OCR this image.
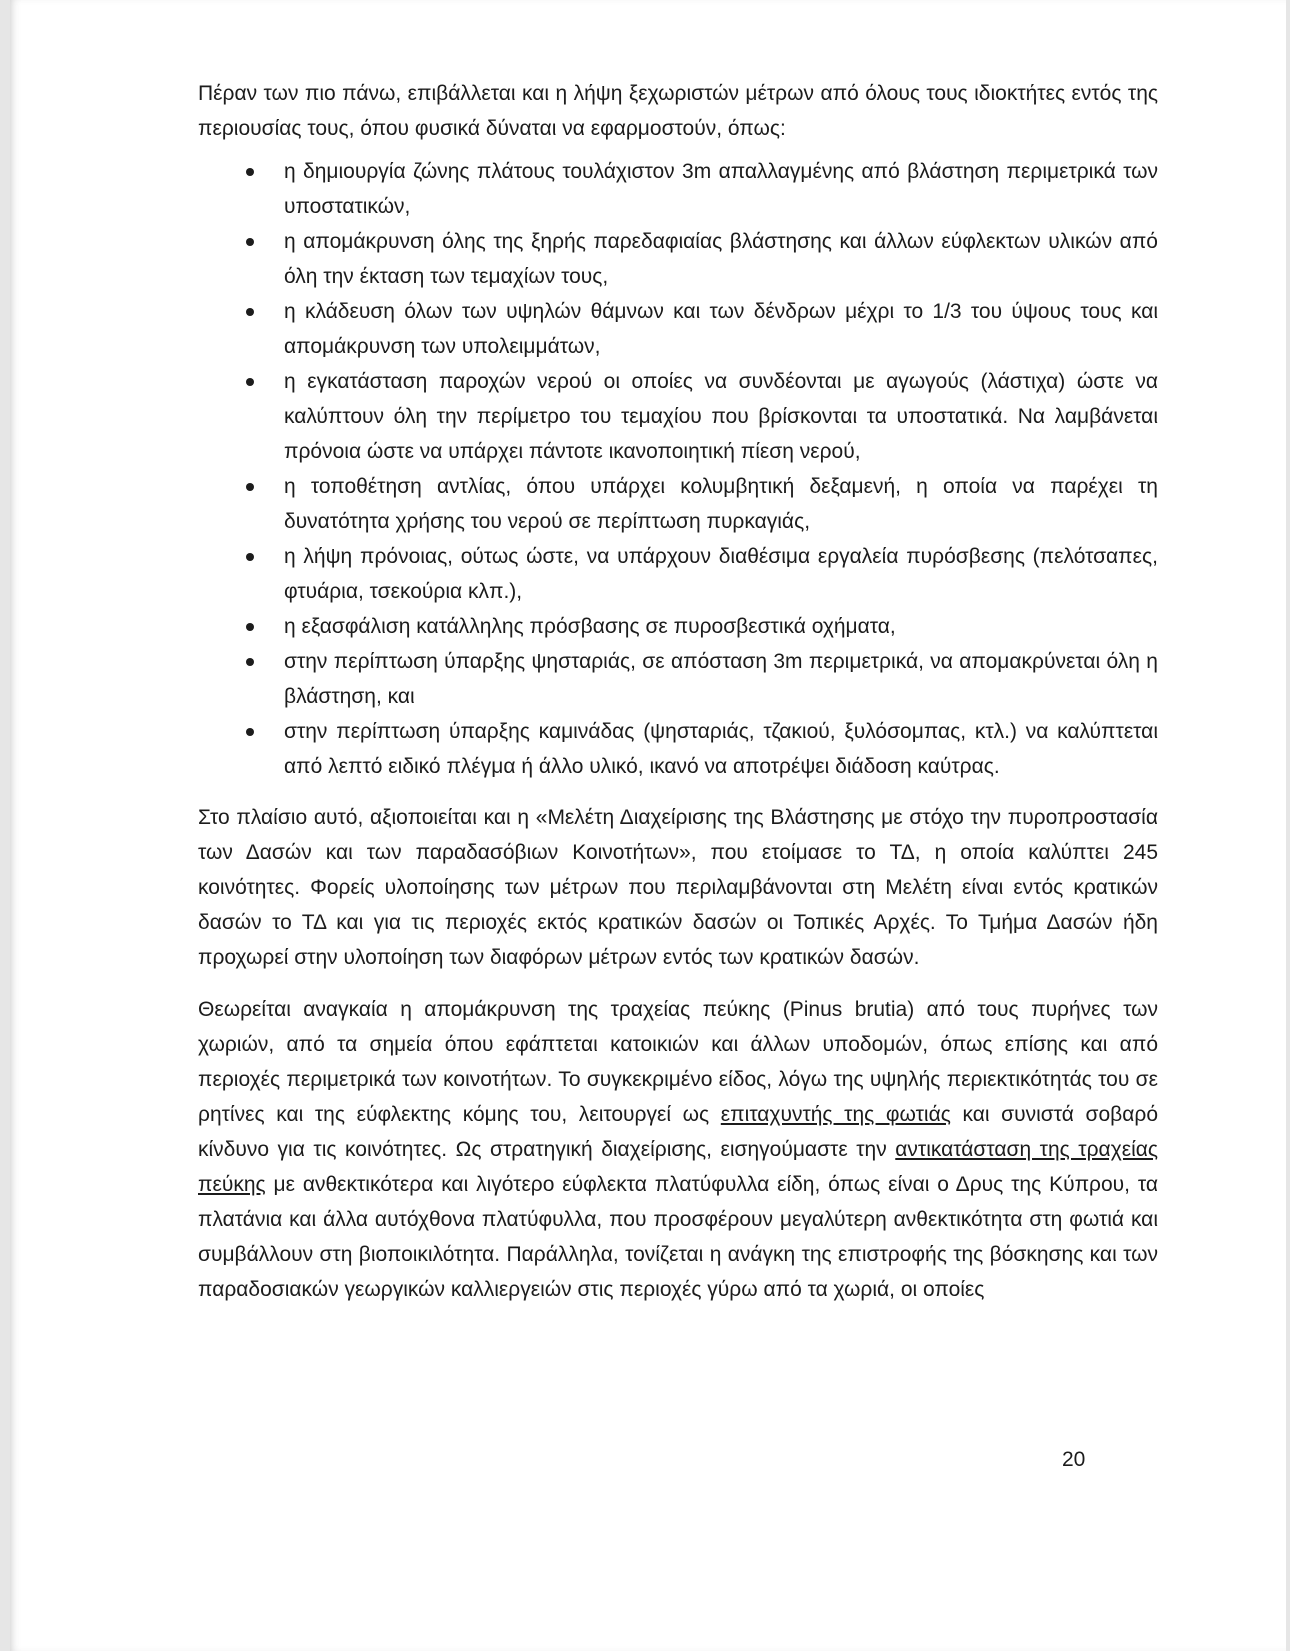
Πέραν των πιο πάνω, επιβάλλεται και η λήψη ξεχωριστών μέτρων από όλους τους ιδιοκτήτες εντός της περιουσίας τους, όπου φυσικά δύναται να εφαρμοστούν, όπως:

η δημιουργία ζώνης πλάτους τουλάχιστον 3m απαλλαγμένης από βλάστηση περιμετρικά των υποστατικών,
η απομάκρυνση όλης της ξηρής παρεδαφιαίας βλάστησης και άλλων εύφλεκτων υλικών από όλη την έκταση των τεμαχίων τους,
η κλάδευση όλων των υψηλών θάμνων και των δένδρων μέχρι το 1/3 του ύψους τους και απομάκρυνση των υπολειμμάτων,
η εγκατάσταση παροχών νερού οι οποίες να συνδέονται με αγωγούς (λάστιχα) ώστε να καλύπτουν όλη την περίμετρο του τεμαχίου που βρίσκονται τα υποστατικά. Να λαμβάνεται πρόνοια ώστε να υπάρχει πάντοτε ικανοποιητική πίεση νερού,
η τοποθέτηση αντλίας, όπου υπάρχει κολυμβητική δεξαμενή, η οποία να παρέχει τη δυνατότητα χρήσης του νερού σε περίπτωση πυρκαγιάς,
η λήψη πρόνοιας, ούτως ώστε, να υπάρχουν διαθέσιμα εργαλεία πυρόσβεσης (πελότσαπες, φτυάρια, τσεκούρια κλπ.),
η εξασφάλιση κατάλληλης πρόσβασης σε πυροσβεστικά οχήματα,
στην περίπτωση ύπαρξης ψησταριάς, σε απόσταση 3m περιμετρικά, να απομακρύνεται όλη η βλάστηση, και
στην περίπτωση ύπαρξης καμινάδας (ψησταριάς, τζακιού, ξυλόσομπας, κτλ.) να καλύπτεται από λεπτό ειδικό πλέγμα ή άλλο υλικό, ικανό να αποτρέψει διάδοση καύτρας.

Στο πλαίσιο αυτό, αξιοποιείται και η «Μελέτη Διαχείρισης της Βλάστησης με στόχο την πυροπροστασία των Δασών και των παραδασόβιων Κοινοτήτων», που ετοίμασε το ΤΔ, η οποία καλύπτει 245 κοινότητες. Φορείς υλοποίησης των μέτρων που περιλαμβάνονται στη Μελέτη είναι εντός κρατικών δασών το ΤΔ και για τις περιοχές εκτός κρατικών δασών οι Τοπικές Αρχές. Το Τμήμα Δασών ήδη προχωρεί στην υλοποίηση των διαφόρων μέτρων εντός των κρατικών δασών.

Θεωρείται αναγκαία η απομάκρυνση της τραχείας πεύκης (Pinus brutia) από τους πυρήνες των χωριών, από τα σημεία όπου εφάπτεται κατοικιών και άλλων υποδομών, όπως επίσης και από περιοχές περιμετρικά των κοινοτήτων. Το συγκεκριμένο είδος, λόγω της υψηλής περιεκτικότητάς του σε ρητίνες και της εύφλεκτης κόμης του, λειτουργεί ως επιταχυντής της φωτιάς και συνιστά σοβαρό κίνδυνο για τις κοινότητες. Ως στρατηγική διαχείρισης, εισηγούμαστε την αντικατάσταση της τραχείας πεύκης με ανθεκτικότερα και λιγότερο εύφλεκτα πλατύφυλλα είδη, όπως είναι ο Δρυς της Κύπρου, τα πλατάνια και άλλα αυτόχθονα πλατύφυλλα, που προσφέρουν μεγαλύτερη ανθεκτικότητα στη φωτιά και συμβάλλουν στη βιοποικιλότητα. Παράλληλα, τονίζεται η ανάγκη της επιστροφής της βόσκησης και των παραδοσιακών γεωργικών καλλιεργειών στις περιοχές γύρω από τα χωριά, οι οποίες

20
